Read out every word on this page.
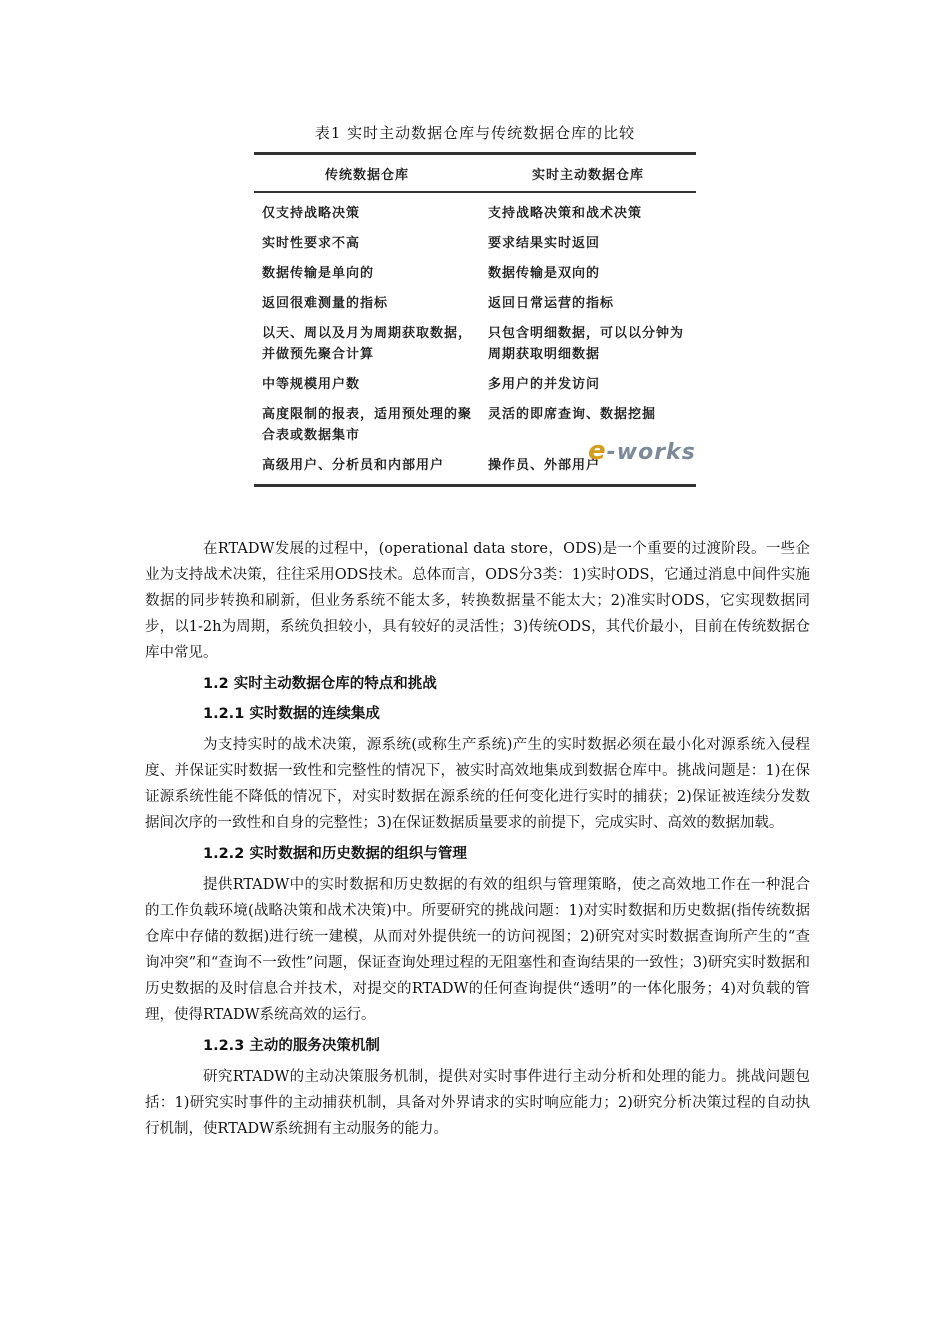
表1 实时主动数据仓库与传统数据仓库的比较
传统数据仓库	实时主动数据仓库
仅支持战略决策	支持战略决策和战术决策
实时性要求不高	要求结果实时返回
数据传输是单向的	数据传输是双向的
返回很难测量的指标	返回日常运营的指标
以天、周以及月为周期获取数据，并做预先聚合计算	只包含明细数据，可以以分钟为周期获取明细数据
中等规模用户数	多用户的并发访问
高度限制的报表，适用预处理的聚合表或数据集市	灵活的即席查询、数据挖掘
高级用户、分析员和内部用户	操作员、外部用户
e-works

在RTADW发展的过程中，(operational data store，ODS)是一个重要的过渡阶段。一些企业为支持战术决策，往往采用ODS技术。总体而言，ODS分3类：1)实时ODS，它通过消息中间件实施数据的同步转换和刷新，但业务系统不能太多，转换数据量不能太大；2)准实时ODS，它实现数据同步，以1-2h为周期，系统负担较小，具有较好的灵活性；3)传统ODS，其代价最小，目前在传统数据仓库中常见。

1.2 实时主动数据仓库的特点和挑战
1.2.1 实时数据的连续集成

为支持实时的战术决策，源系统(或称生产系统)产生的实时数据必须在最小化对源系统入侵程度、并保证实时数据一致性和完整性的情况下，被实时高效地集成到数据仓库中。挑战问题是：1)在保证源系统性能不降低的情况下，对实时数据在源系统的任何变化进行实时的捕获；2)保证被连续分发数据间次序的一致性和自身的完整性；3)在保证数据质量要求的前提下，完成实时、高效的数据加载。

1.2.2 实时数据和历史数据的组织与管理

提供RTADW中的实时数据和历史数据的有效的组织与管理策略，使之高效地工作在一种混合的工作负载环境(战略决策和战术决策)中。所要研究的挑战问题：1)对实时数据和历史数据(指传统数据仓库中存储的数据)进行统一建模，从而对外提供统一的访问视图；2)研究对实时数据查询所产生的“查询冲突”和“查询不一致性”问题，保证查询处理过程的无阻塞性和查询结果的一致性；3)研究实时数据和历史数据的及时信息合并技术，对提交的RTADW的任何查询提供“透明”的一体化服务；4)对负载的管理，使得RTADW系统高效的运行。

1.2.3 主动的服务决策机制

研究RTADW的主动决策服务机制，提供对实时事件进行主动分析和处理的能力。挑战问题包括：1)研究实时事件的主动捕获机制，具备对外界请求的实时响应能力；2)研究分析决策过程的自动执行机制，使RTADW系统拥有主动服务的能力。
